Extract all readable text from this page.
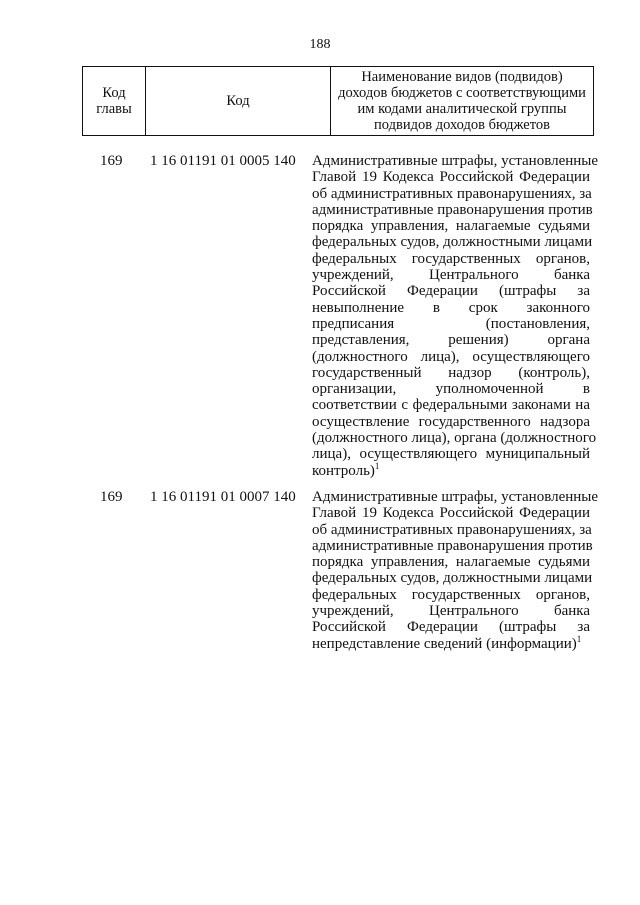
188
Код главы	Код	Наименование видов (подвидов) доходов бюджетов с соответствующими им кодами аналитической группы подвидов доходов бюджетов
169 1 16 01191 01 0005 140 Административные штрафы, установленные
Главой 19 Кодекса Российской Федерации
об административных правонарушениях, за
административные правонарушения против
порядка управления, налагаемые судьями
федеральных судов, должностными лицами
федеральных государственных органов,
учреждений, Центрального банка
Российской Федерации (штрафы за
невыполнение в срок законного
предписания (постановления,
представления, решения) органа
(должностного лица), осуществляющего
государственный надзор (контроль),
организации, уполномоченной в
соответствии с федеральными законами на
осуществление государственного надзора
(должностного лица), органа (должностного
лица), осуществляющего муниципальный
контроль)$^1$
169 1 16 01191 01 0007 140 Административные штрафы, установленные
Главой 19 Кодекса Российской Федерации
об административных правонарушениях, за
административные правонарушения против
порядка управления, налагаемые судьями
федеральных судов, должностными лицами
федеральных государственных органов,
учреждений, Центрального банка
Российской Федерации (штрафы за
непредставление сведений (информации)$^1$
